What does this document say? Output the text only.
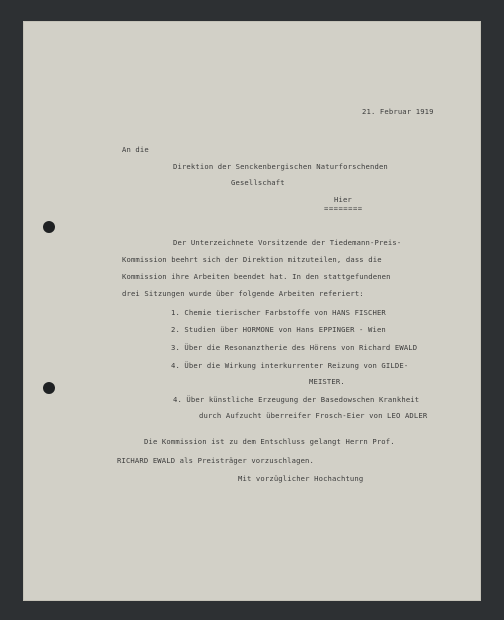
21. Februar 1919
An die
Direktion der Senckenbergischen Naturforschenden
Gesellschaft
Hier
========
Der Unterzeichnete Vorsitzende der Tiedemann-Preis-
Kommission beehrt sich der Direktion mitzuteilen, dass die
Kommission ihre Arbeiten beendet hat. In den stattgefundenen
drei Sitzungen wurde über folgende Arbeiten referiert:
1. Chemie tierischer Farbstoffe von HANS FISCHER
2. Studien über HORMONE von Hans EPPINGER - Wien
3. Über die Resonanztherie des Hörens von Richard EWALD
4. Über die Wirkung interkurrenter Reizung von GILDE-
MEISTER.
4. Über künstliche Erzeugung der Basedowschen Krankheit
durch Aufzucht überreifer Frosch-Eier von LEO ADLER
Die Kommission ist zu dem Entschluss gelangt Herrn Prof.
RICHARD EWALD als Preisträger vorzuschlagen.
Mit vorzüglicher Hochachtung
